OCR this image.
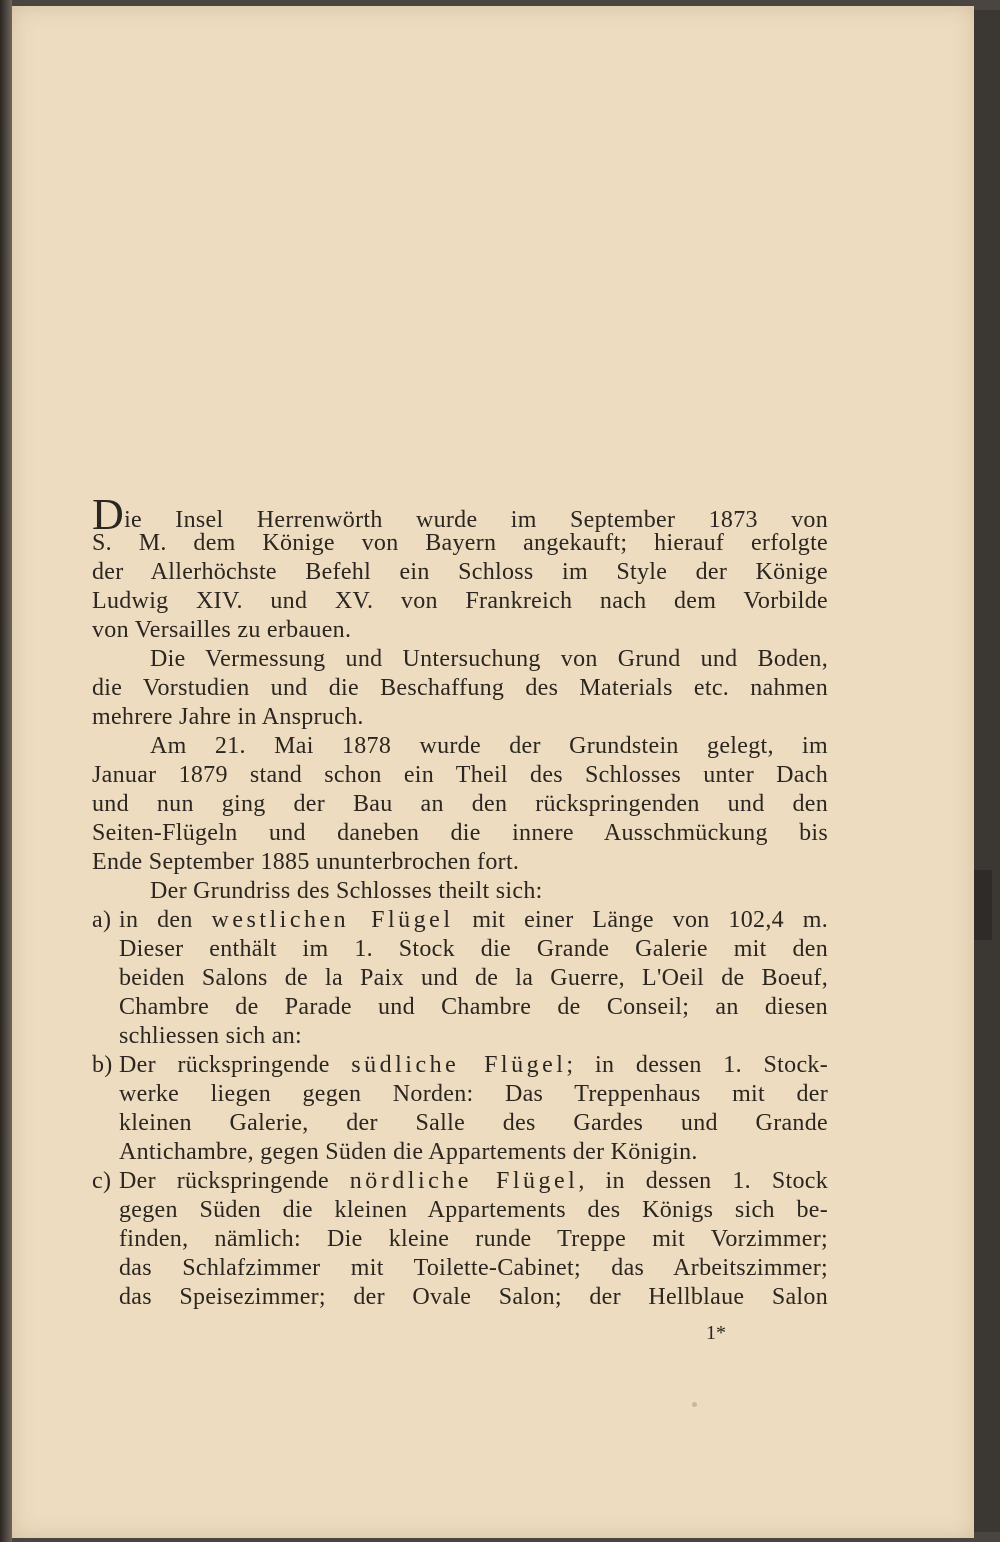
Die Insel Herrenwörth wurde im September 1873 von
S. M. dem Könige von Bayern angekauft; hierauf erfolgte
der Allerhöchste Befehl ein Schloss im Style der Könige
Ludwig XIV. und XV. von Frankreich nach dem Vorbilde
von Versailles zu erbauen.
Die Vermessung und Untersuchung von Grund und Boden,
die Vorstudien und die Beschaffung des Materials etc. nahmen
mehrere Jahre in Anspruch.
Am 21. Mai 1878 wurde der Grundstein gelegt, im
Januar 1879 stand schon ein Theil des Schlosses unter Dach
und nun ging der Bau an den rückspringenden und den
Seiten-Flügeln und daneben die innere Ausschmückung bis
Ende September 1885 ununterbrochen fort.
Der Grundriss des Schlosses theilt sich:
a) in den westlichen Flügel mit einer Länge von 102,4 m.
Dieser enthält im 1. Stock die Grande Galerie mit den
beiden Salons de la Paix und de la Guerre, L'Oeil de Boeuf,
Chambre de Parade und Chambre de Conseil; an diesen
schliessen sich an:
b) Der rückspringende südliche Flügel; in dessen 1. Stock-
werke liegen gegen Norden: Das Treppenhaus mit der
kleinen Galerie, der Salle des Gardes und Grande
Antichambre, gegen Süden die Appartements der Königin.
c) Der rückspringende nördliche Flügel, in dessen 1. Stock
gegen Süden die kleinen Appartements des Königs sich be-
finden, nämlich: Die kleine runde Treppe mit Vorzimmer;
das Schlafzimmer mit Toilette-Cabinet; das Arbeitszimmer;
das Speisezimmer; der Ovale Salon; der Hellblaue Salon
1*
